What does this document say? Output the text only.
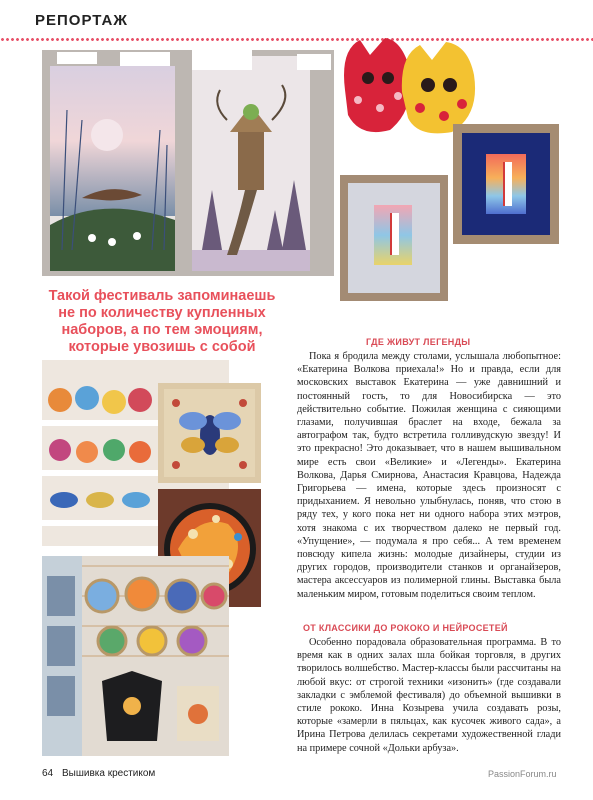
РЕПОРТАЖ
Такой фестиваль запоминаешь
не по количеству купленных
наборов, а по тем эмоциям,
которые увозишь с собой	ГДЕ ЖИВУТ ЛЕГЕНДЫ

Пока я бродила между столами, услышала любопытное: «Екатерина Волкова приехала!» Но и правда, если для московских выставок Екатерина — уже давнишний и постоянный гость, то для Новосибирска — это действительно событие. Пожилая женщина с сияющими глазами, получившая браслет на входе, бежала за автографом так, будто встретила голливудскую звезду! И это прекрасно! Это доказывает, что в нашем вышивальном мире есть свои «Великие» и «Легенды». Екатерина Волкова, Дарья Смирнова, Анастасия Кравцова, Надежда Григорьева — имена, которые здесь произносят с придыханием. Я невольно улыбнулась, поняв, что стою в ряду тех, у кого пока нет ни одного набора этих мэтров, хотя знакома с их творчеством далеко не первый год. «Упущение», — подумала я про себя... А тем временем повсюду кипела жизнь: молодые дизайнеры, студии из других городов, производители станков и органайзеров, мастера аксессуаров из полимерной глины. Выставка была маленьким миром, готовым поделиться своим теплом.

ОТ КЛАССИКИ ДО РОКОКО И НЕЙРОСЕТЕЙ

Особенно порадовала образовательная программа. В то время как в одних залах шла бойкая торговля, в других творилось волшебство. Мастер-классы были рассчитаны на любой вкус: от строгой техники «изонить» (где создавали закладки с эмблемой фестиваля) до объемной вышивки в стиле рококо. Инна Козырева учила создавать розы, которые «замерли в пяльцах, как кусочек живого сада», а Ирина Петрова делилась секретами художественной глади на примере сочной «Дольки арбуза».

64 Вышивка крестиком	PassionForum.ru
